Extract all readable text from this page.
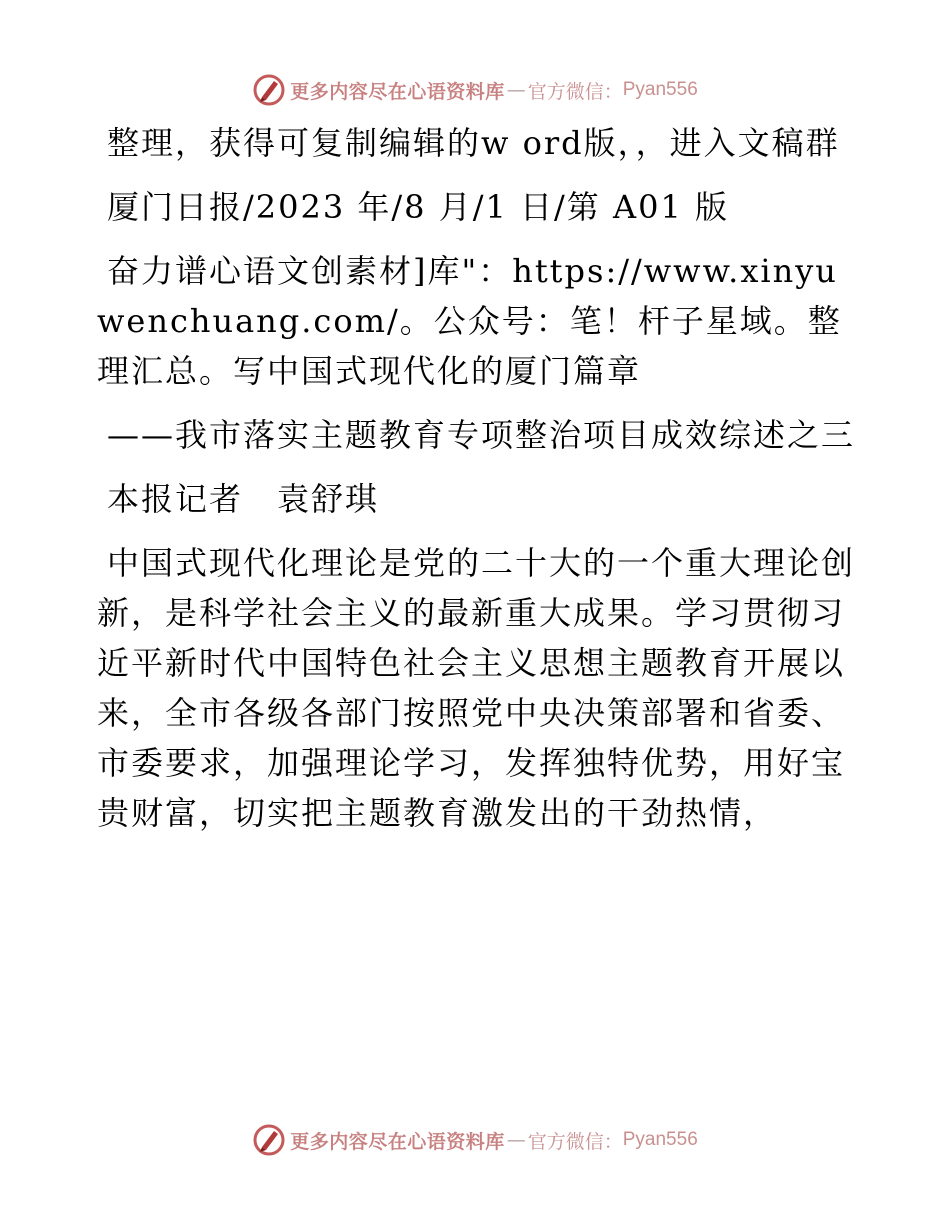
更多内容尽在心语资料库 — 官方微信： Pyan556

整理，获得可复制编辑的w ord版，，进入文稿群

厦门日报/2023 年/8 月/1 日/第 A01 版

奋力谱心语文创素材]库"：https://www.xinyuwenchuang.com/。公众号：笔！杆子星域。整理汇总。写中国式现代化的厦门篇章

——我市落实主题教育专项整治项目成效综述之三

本报记者　袁舒琪

中国式现代化理论是党的二十大的一个重大理论创新，是科学社会主义的最新重大成果。学习贯彻习近平新时代中国特色社会主义思想主题教育开展以来，全市各级各部门按照党中央决策部署和省委、市委要求，加强理论学习，发挥独特优势，用好宝贵财富，切实把主题教育激发出的干劲热情，

更多内容尽在心语资料库 — 官方微信： Pyan556
